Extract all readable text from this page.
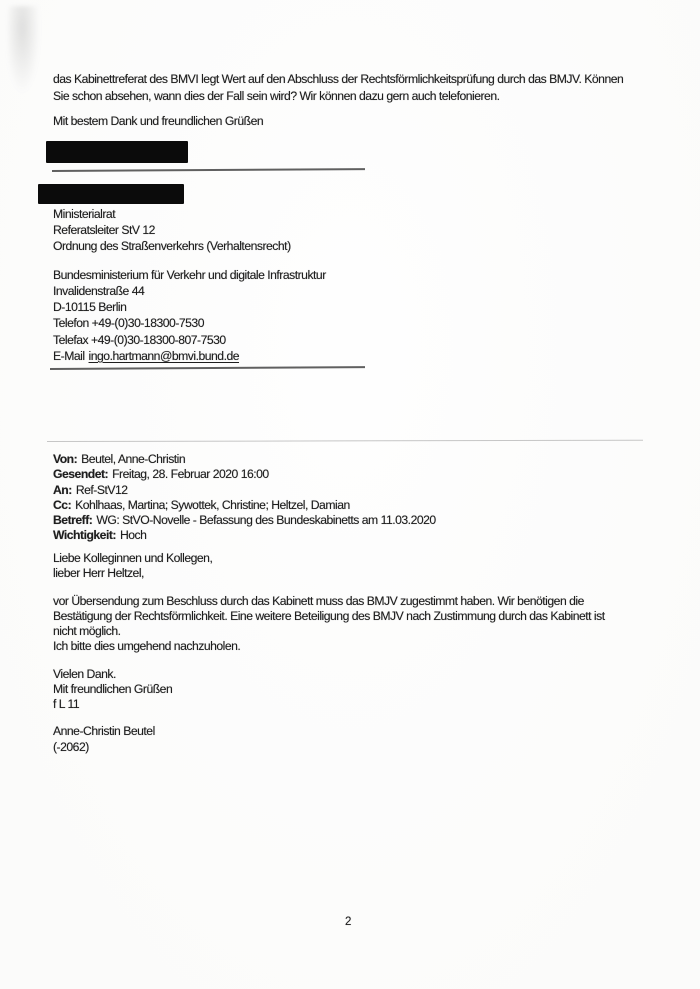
das Kabinettreferat des BMVI legt Wert auf den Abschluss der Rechtsförmlichkeitsprüfung durch das BMJV. Können
Sie schon absehen, wann dies der Fall sein wird? Wir können dazu gern auch telefonieren.
Mit bestem Dank und freundlichen Grüßen
Ministerialrat
Referatsleiter StV 12
Ordnung des Straßenverkehrs (Verhaltensrecht)
Bundesministerium für Verkehr und digitale Infrastruktur
Invalidenstraße 44
D-10115 Berlin
Telefon +49-(0)30-18300-7530
Telefax +49-(0)30-18300-807-7530
E-Mail ingo.hartmann@bmvi.bund.de
Von: Beutel, Anne-Christin
Gesendet: Freitag, 28. Februar 2020 16:00
An: Ref-StV12
Cc: Kohlhaas, Martina; Sywottek, Christine; Heltzel, Damian
Betreff: WG: StVO-Novelle - Befassung des Bundeskabinetts am 11.03.2020
Wichtigkeit: Hoch
Liebe Kolleginnen und Kollegen,
lieber Herr Heltzel,
vor Übersendung zum Beschluss durch das Kabinett muss das BMJV zugestimmt haben. Wir benötigen die
Bestätigung der Rechtsförmlichkeit. Eine weitere Beteiligung des BMJV nach Zustimmung durch das Kabinett ist
nicht möglich.
Ich bitte dies umgehend nachzuholen.
Vielen Dank.
Mit freundlichen Grüßen
f L 11
Anne-Christin Beutel
(-2062)
2
